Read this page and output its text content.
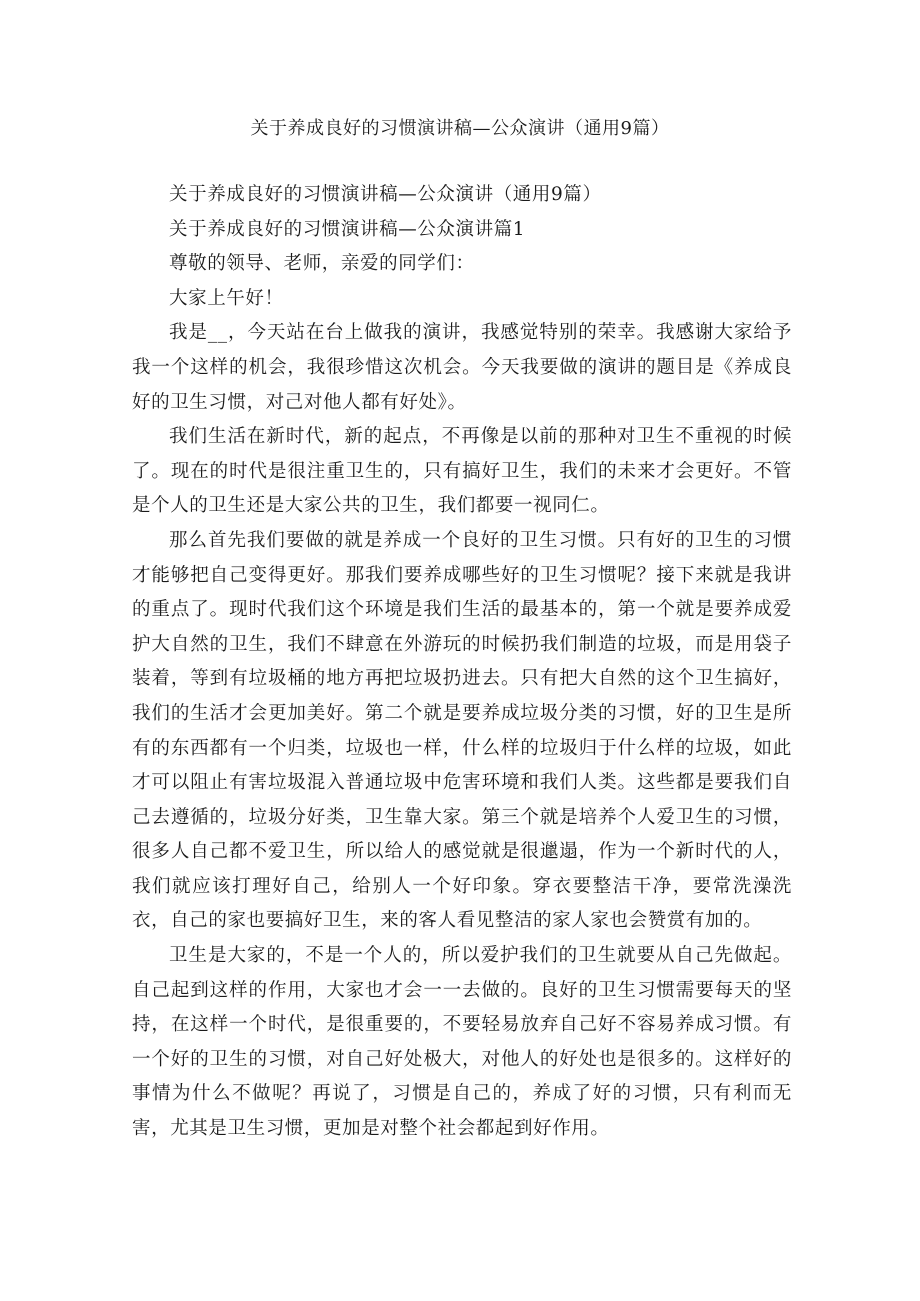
关于养成良好的习惯演讲稿—公众演讲（通用9篇）

关于养成良好的习惯演讲稿—公众演讲（通用9篇）

关于养成良好的习惯演讲稿—公众演讲篇1

尊敬的领导、老师，亲爱的同学们：

大家上午好！

我是__，今天站在台上做我的演讲，我感觉特别的荣幸。我感谢大家给予我一个这样的机会，我很珍惜这次机会。今天我要做的演讲的题目是《养成良好的卫生习惯，对己对他人都有好处》。

我们生活在新时代，新的起点，不再像是以前的那种对卫生不重视的时候了。现在的时代是很注重卫生的，只有搞好卫生，我们的未来才会更好。不管是个人的卫生还是大家公共的卫生，我们都要一视同仁。

那么首先我们要做的就是养成一个良好的卫生习惯。只有好的卫生的习惯才能够把自己变得更好。那我们要养成哪些好的卫生习惯呢？接下来就是我讲的重点了。现时代我们这个环境是我们生活的最基本的，第一个就是要养成爱护大自然的卫生，我们不肆意在外游玩的时候扔我们制造的垃圾，而是用袋子装着，等到有垃圾桶的地方再把垃圾扔进去。只有把大自然的这个卫生搞好，我们的生活才会更加美好。第二个就是要养成垃圾分类的习惯，好的卫生是所有的东西都有一个归类，垃圾也一样，什么样的垃圾归于什么样的垃圾，如此才可以阻止有害垃圾混入普通垃圾中危害环境和我们人类。这些都是要我们自己去遵循的，垃圾分好类，卫生靠大家。第三个就是培养个人爱卫生的习惯，很多人自己都不爱卫生，所以给人的感觉就是很邋遢，作为一个新时代的人，我们就应该打理好自己，给别人一个好印象。穿衣要整洁干净，要常洗澡洗衣，自己的家也要搞好卫生，来的客人看见整洁的家人家也会赞赏有加的。

卫生是大家的，不是一个人的，所以爱护我们的卫生就要从自己先做起。自己起到这样的作用，大家也才会一一去做的。良好的卫生习惯需要每天的坚持，在这样一个时代，是很重要的，不要轻易放弃自己好不容易养成习惯。有一个好的卫生的习惯，对自己好处极大，对他人的好处也是很多的。这样好的事情为什么不做呢？再说了，习惯是自己的，养成了好的习惯，只有利而无害，尤其是卫生习惯，更加是对整个社会都起到好作用。
